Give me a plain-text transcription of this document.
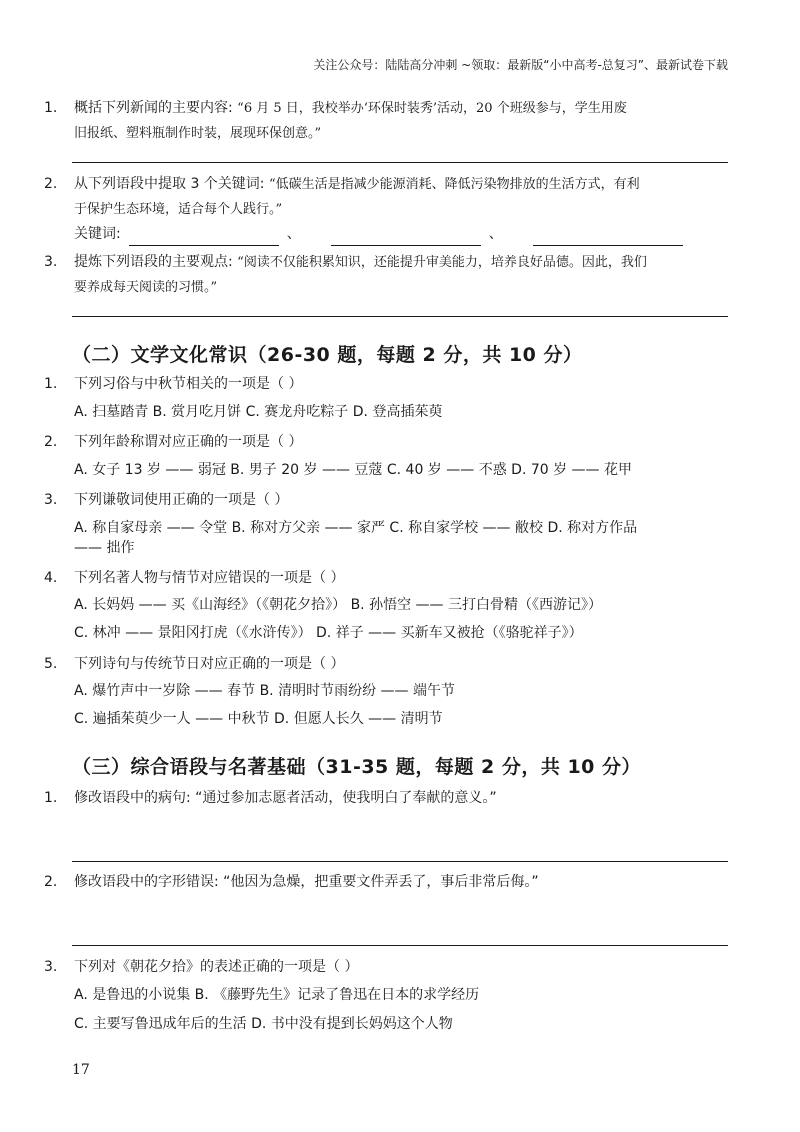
关注公众号：陆陆高分冲刺 ~领取：最新版“小中高考-总复习”、最新试卷下载
1. 概括下列新闻的主要内容: “6 月 5 日，我校举办‘环保时装秀’活动，20 个班级参与，学生用废
旧报纸、塑料瓶制作时装，展现环保创意。”
2. 从下列语段中提取 3 个关键词: “低碳生活是指减少能源消耗、降低污染物排放的生活方式，有利
于保护生态环境，适合每个人践行。”
关键词:	、	、
3. 提炼下列语段的主要观点: “阅读不仅能积累知识，还能提升审美能力，培养良好品德。因此，我们
要养成每天阅读的习惯。”
（二）文学文化常识（26-30 题，每题 2 分，共 10 分）
1. 下列习俗与中秋节相关的一项是（ ）
A. 扫墓踏青 B. 赏月吃月饼 C. 赛龙舟吃粽子 D. 登高插茱萸
2. 下列年龄称谓对应正确的一项是（ ）
A. 女子 13 岁 —— 弱冠 B. 男子 20 岁 —— 豆蔻 C. 40 岁 —— 不惑 D. 70 岁 —— 花甲
3. 下列谦敬词使用正确的一项是（ ）
A. 称自家母亲 —— 令堂 B. 称对方父亲 —— 家严 C. 称自家学校 —— 敝校 D. 称对方作品
—— 拙作
4. 下列名著人物与情节对应错误的一项是（ ）
A. 长妈妈 —— 买《山海经》（《朝花夕拾》） B. 孙悟空 —— 三打白骨精（《西游记》）
C. 林冲 —— 景阳冈打虎（《水浒传》） D. 祥子 —— 买新车又被抢（《骆驼祥子》）
5. 下列诗句与传统节日对应正确的一项是（ ）
A. 爆竹声中一岁除 —— 春节 B. 清明时节雨纷纷 —— 端午节
C. 遍插茱萸少一人 —— 中秋节 D. 但愿人长久 —— 清明节
（三）综合语段与名著基础（31-35 题，每题 2 分，共 10 分）
1. 修改语段中的病句: “通过参加志愿者活动，使我明白了奉献的意义。”
2. 修改语段中的字形错误: “他因为急燥，把重要文件弄丢了，事后非常后侮。”
3. 下列对《朝花夕拾》的表述正确的一项是（ ）
A. 是鲁迅的小说集 B. 《藤野先生》记录了鲁迅在日本的求学经历
C. 主要写鲁迅成年后的生活 D. 书中没有提到长妈妈这个人物
17
